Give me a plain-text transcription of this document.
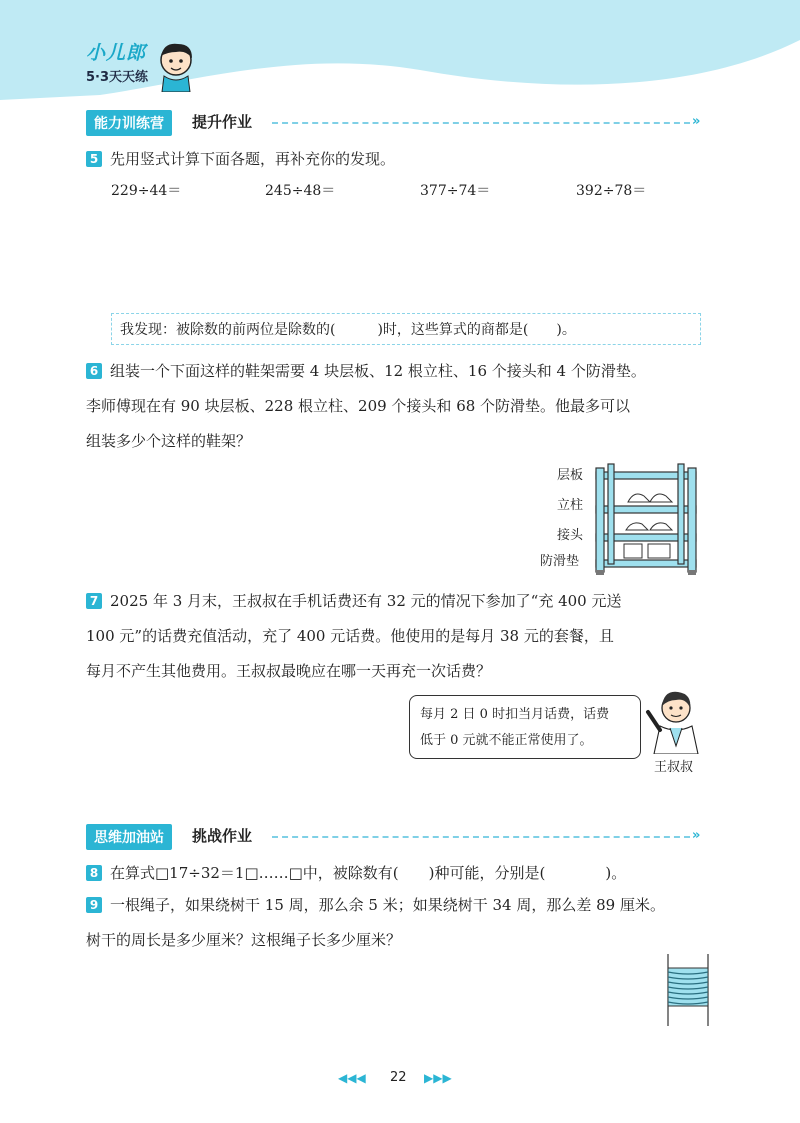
小儿郎
5·3天天练
能力训练营	提升作业	»
5 先用竖式计算下面各题，再补充你的发现。
229÷44＝	245÷48＝	377÷74＝	392÷78＝
我发现：被除数的前两位是除数的(　　　)时，这些算式的商都是(　　)。
6 组装一个下面这样的鞋架需要 4 块层板、12 根立柱、16 个接头和 4 个防滑垫。
李师傅现在有 90 块层板、228 根立柱、209 个接头和 68 个防滑垫。他最多可以
组装多少个这样的鞋架？
层板
立柱
接头
防滑垫
7 2025 年 3 月末，王叔叔在手机话费还有 32 元的情况下参加了“充 400 元送
100 元”的话费充值活动，充了 400 元话费。他使用的是每月 38 元的套餐，且
每月不产生其他费用。王叔叔最晚应在哪一天再充一次话费？
每月 2 日 0 时扣当月话费，话费
低于 0 元就不能正常使用了。
王叔叔
思维加油站	挑战作业	»
8 在算式□17÷32＝1□……□中，被除数有(　　)种可能，分别是(　　　　)。
9 一根绳子，如果绕树干 15 周，那么余 5 米；如果绕树干 34 周，那么差 89 厘米。
树干的周长是多少厘米？这根绳子长多少厘米？
◀◀◀ 22 ▶▶▶
